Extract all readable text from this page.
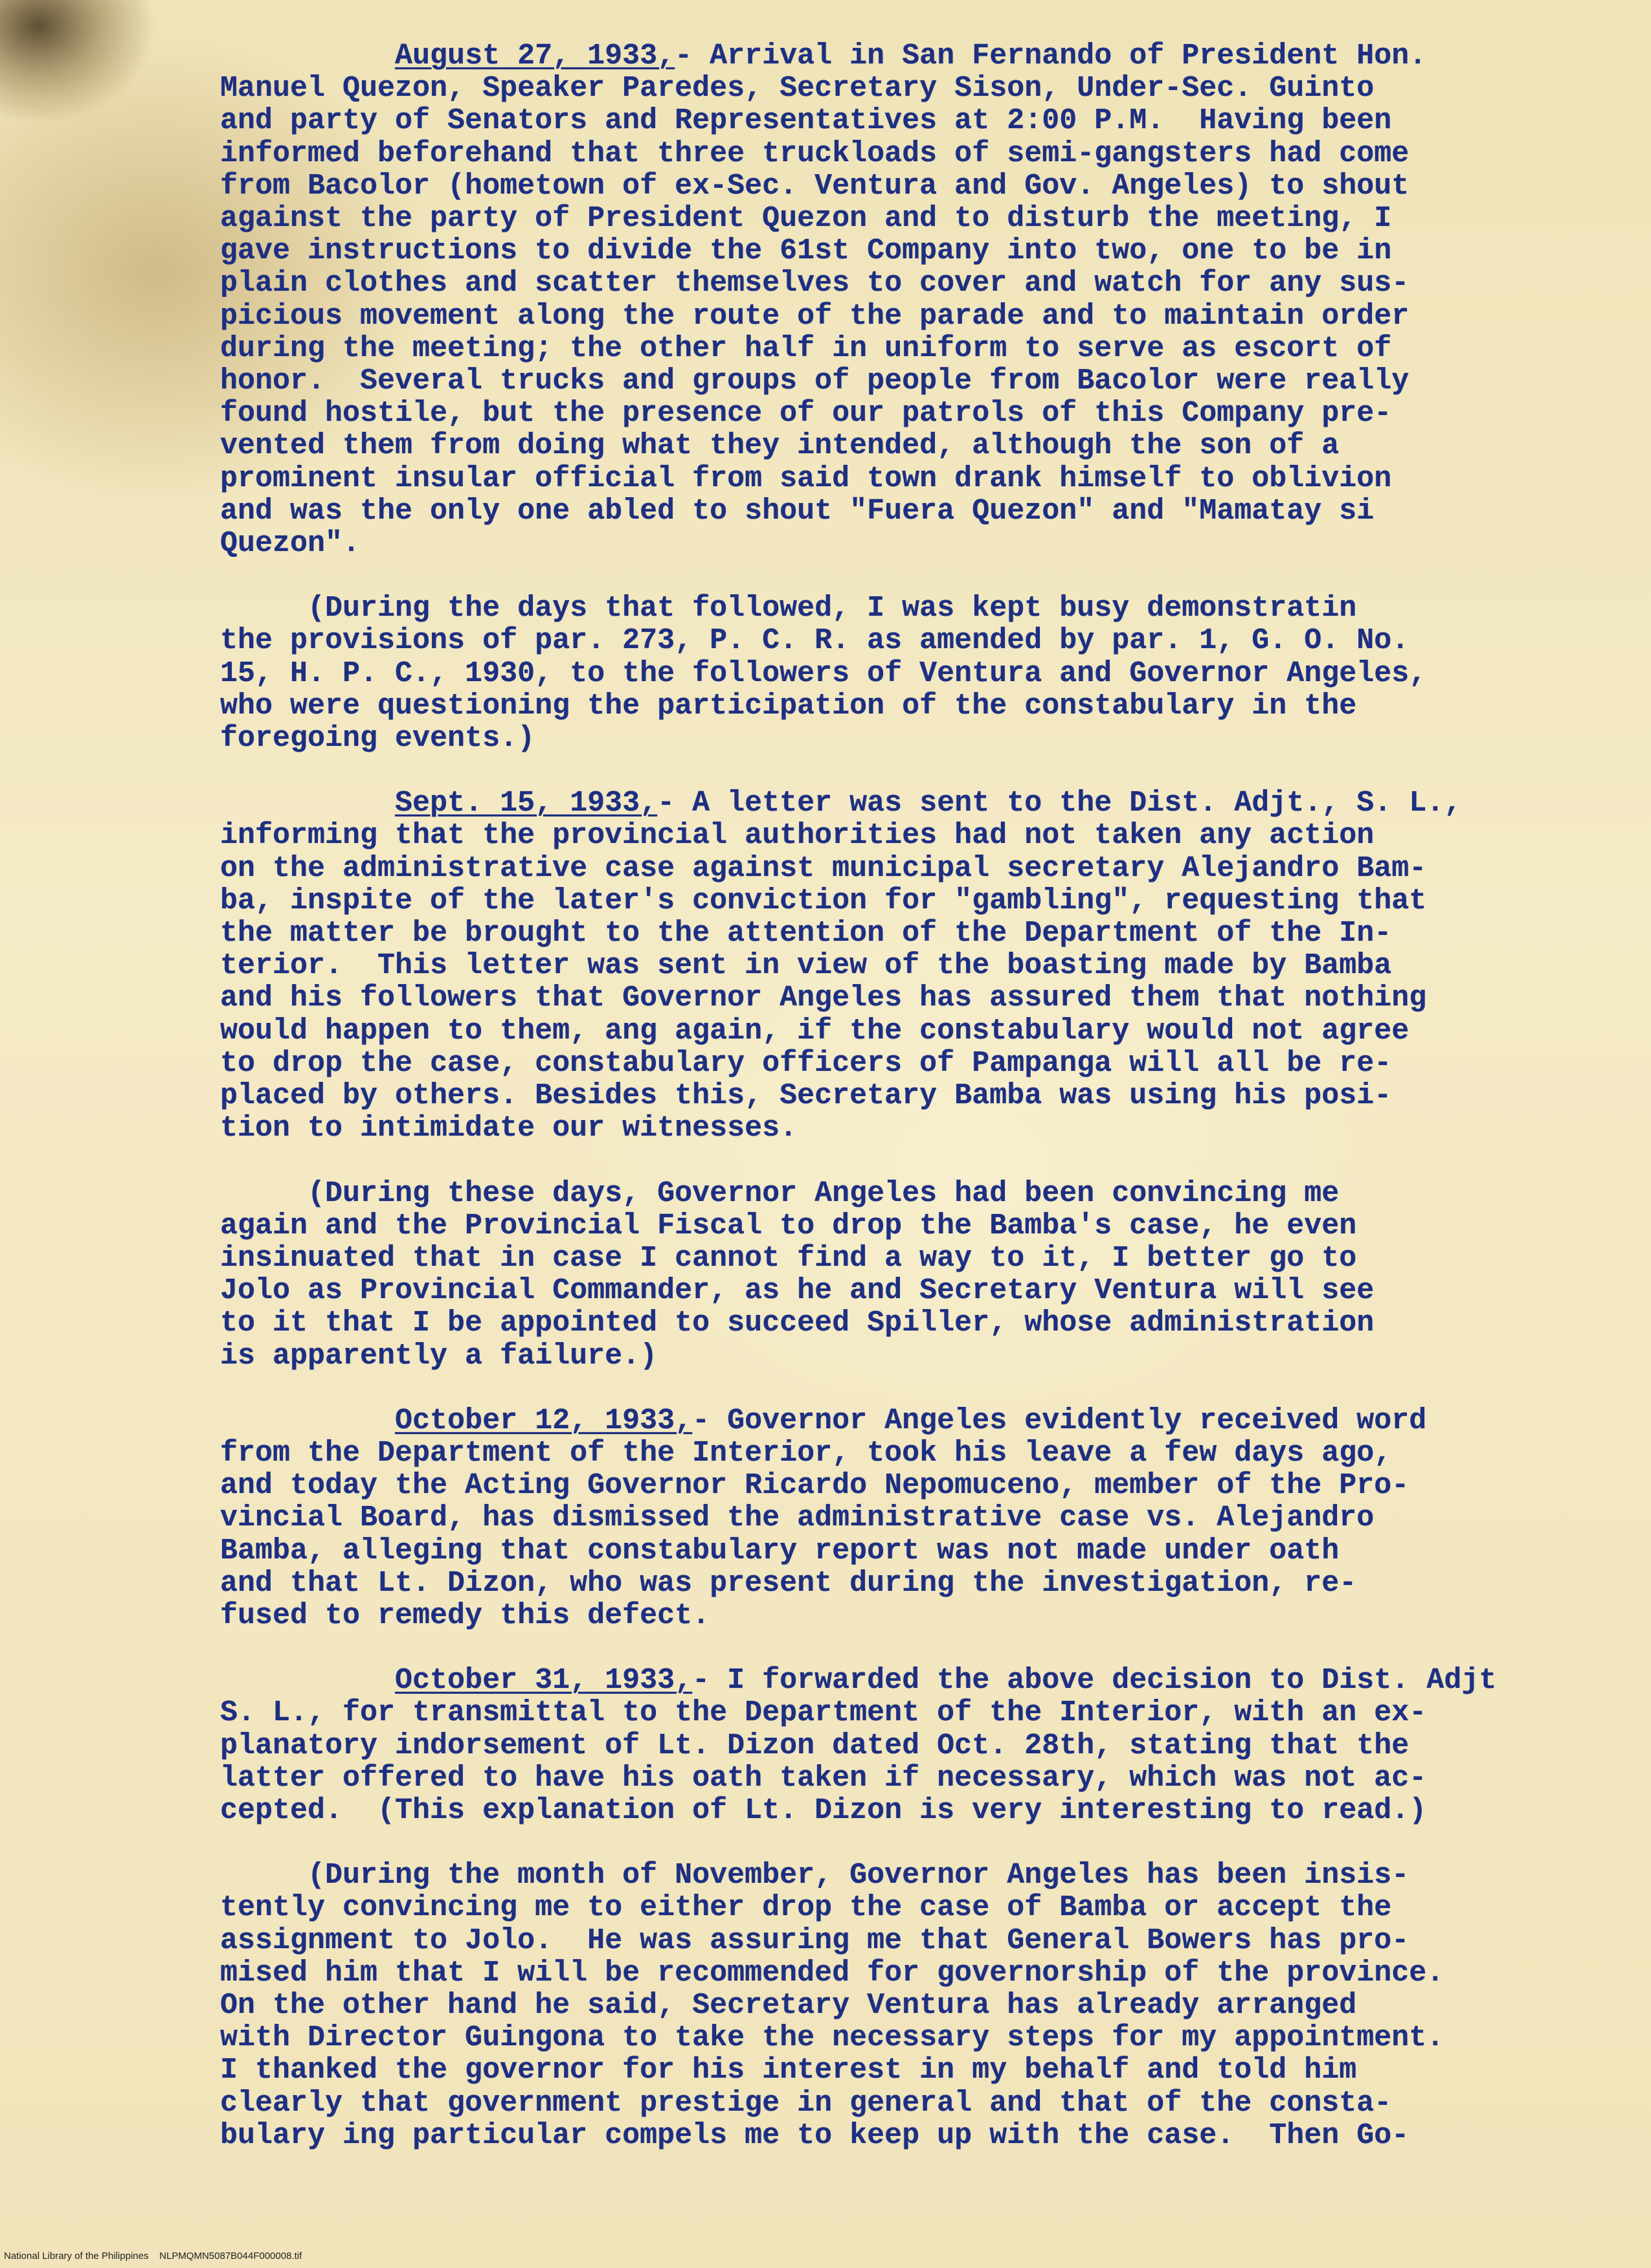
August 27, 1933,- Arrival in San Fernando of President Hon.
Manuel Quezon, Speaker Paredes, Secretary Sison, Under-Sec. Guinto
and party of Senators and Representatives at 2:00 P.M.  Having been
informed beforehand that three truckloads of semi-gangsters had come
from Bacolor (hometown of ex-Sec. Ventura and Gov. Angeles) to shout
against the party of President Quezon and to disturb the meeting, I
gave instructions to divide the 61st Company into two, one to be in
plain clothes and scatter themselves to cover and watch for any sus-
picious movement along the route of the parade and to maintain order
during the meeting; the other half in uniform to serve as escort of
honor.  Several trucks and groups of people from Bacolor were really
found hostile, but the presence of our patrols of this Company pre-
vented them from doing what they intended, although the son of a
prominent insular official from said town drank himself to oblivion
and was the only one abled to shout "Fuera Quezon" and "Mamatay si
Quezon".
(During the days that followed, I was kept busy demonstratin
the provisions of par. 273, P. C. R. as amended by par. 1, G. O. No.
15, H. P. C., 1930, to the followers of Ventura and Governor Angeles,
who were questioning the participation of the constabulary in the
foregoing events.)
Sept. 15, 1933,- A letter was sent to the Dist. Adjt., S. L.,
informing that the provincial authorities had not taken any action
on the administrative case against municipal secretary Alejandro Bam-
ba, inspite of the later's conviction for "gambling", requesting that
the matter be brought to the attention of the Department of the In-
terior.  This letter was sent in view of the boasting made by Bamba
and his followers that Governor Angeles has assured them that nothing
would happen to them, ang again, if the constabulary would not agree
to drop the case, constabulary officers of Pampanga will all be re-
placed by others. Besides this, Secretary Bamba was using his posi-
tion to intimidate our witnesses.
(During these days, Governor Angeles had been convincing me
again and the Provincial Fiscal to drop the Bamba's case, he even
insinuated that in case I cannot find a way to it, I better go to
Jolo as Provincial Commander, as he and Secretary Ventura will see
to it that I be appointed to succeed Spiller, whose administration
is apparently a failure.)
October 12, 1933,- Governor Angeles evidently received word
from the Department of the Interior, took his leave a few days ago,
and today the Acting Governor Ricardo Nepomuceno, member of the Pro-
vincial Board, has dismissed the administrative case vs. Alejandro
Bamba, alleging that constabulary report was not made under oath
and that Lt. Dizon, who was present during the investigation, re-
fused to remedy this defect.
October 31, 1933,- I forwarded the above decision to Dist. Adjt
S. L., for transmittal to the Department of the Interior, with an ex-
planatory indorsement of Lt. Dizon dated Oct. 28th, stating that the
latter offered to have his oath taken if necessary, which was not ac-
cepted.  (This explanation of Lt. Dizon is very interesting to read.)
(During the month of November, Governor Angeles has been insis-
tently convincing me to either drop the case of Bamba or accept the
assignment to Jolo.  He was assuring me that General Bowers has pro-
mised him that I will be recommended for governorship of the province.
On the other hand he said, Secretary Ventura has already arranged
with Director Guingona to take the necessary steps for my appointment.
I thanked the governor for his interest in my behalf and told him
clearly that government prestige in general and that of the consta-
bulary ing particular compels me to keep up with the case.  Then Go-
National Library of the Philippines    NLPMQMN5087B044F000008.tif
